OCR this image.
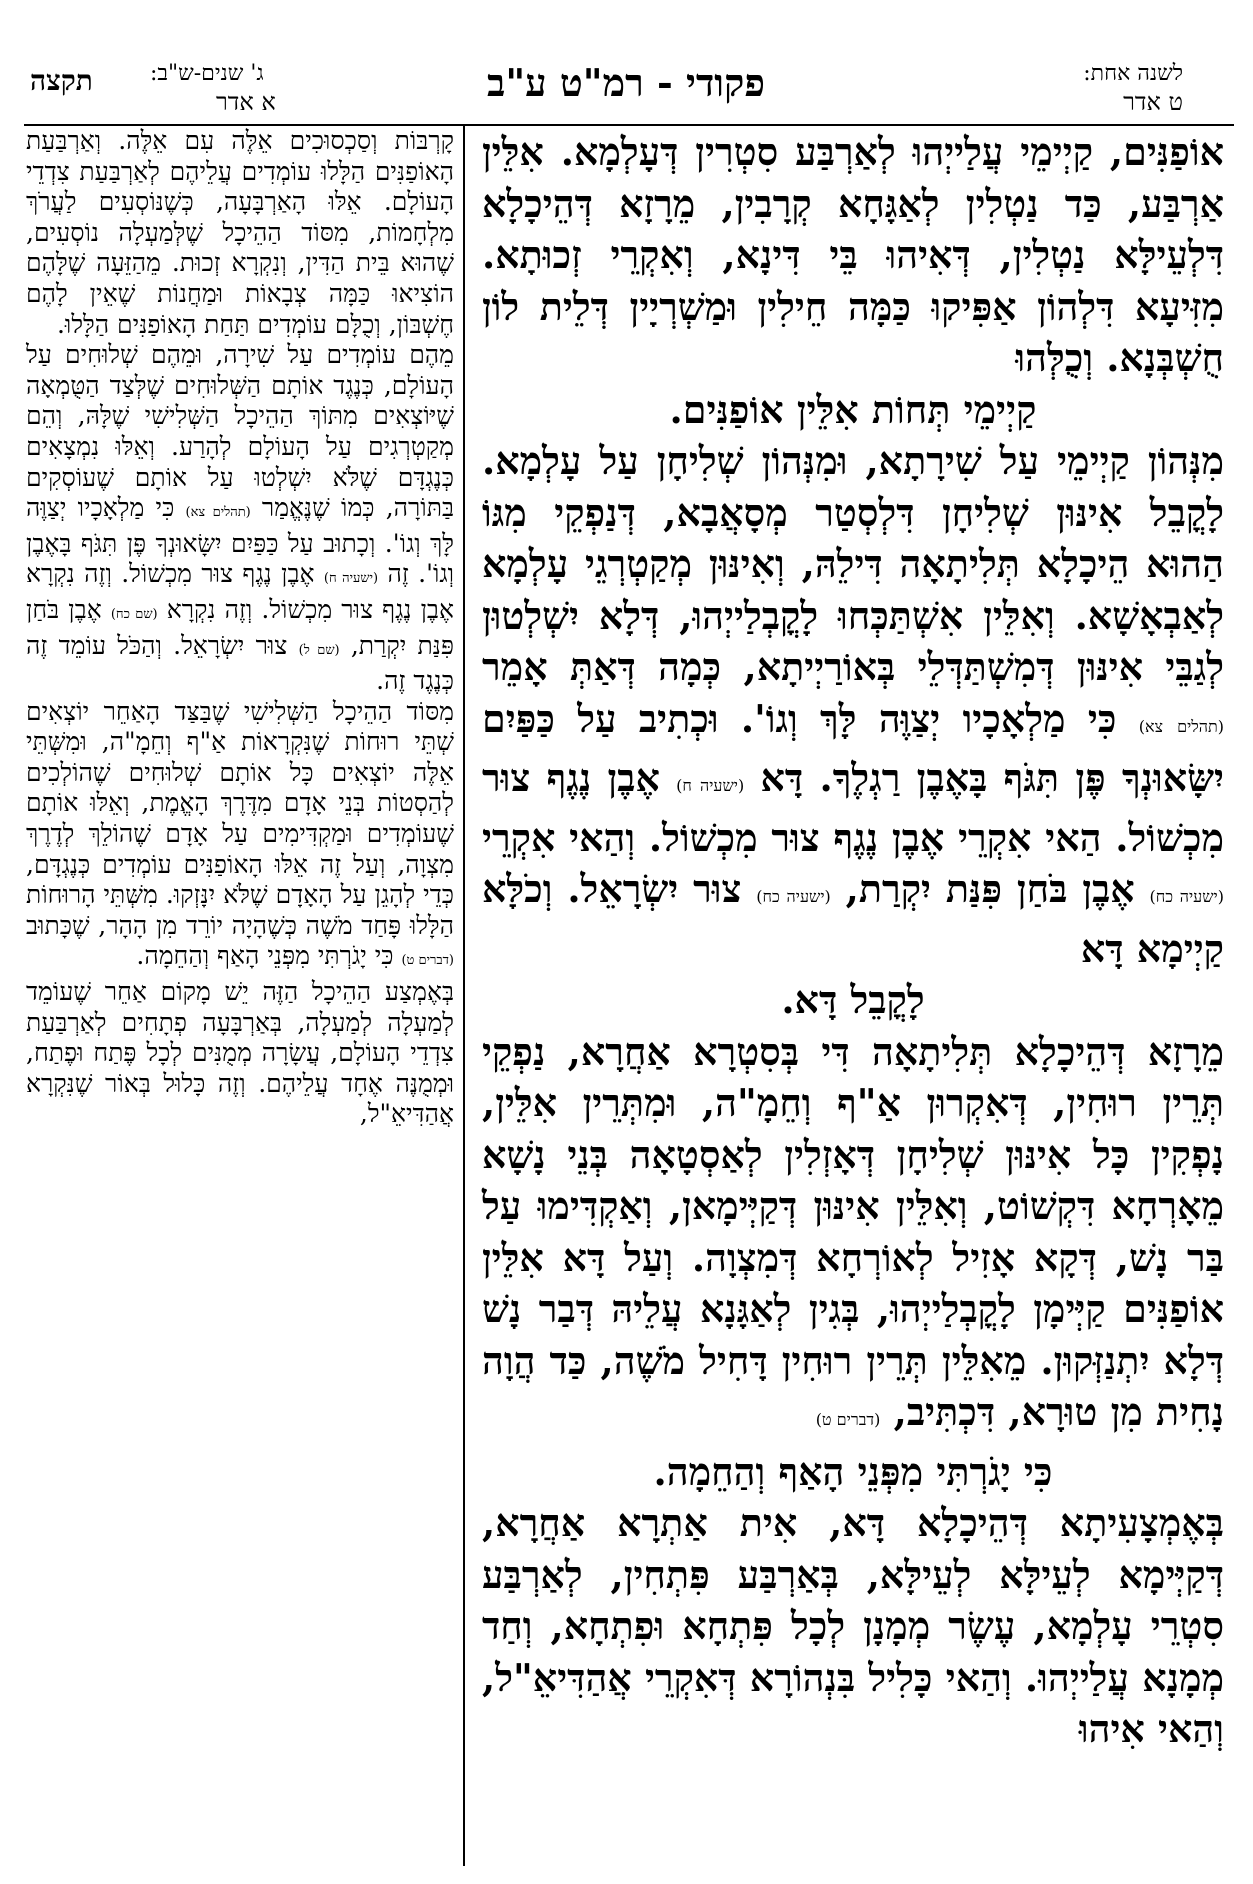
לשנה אחת:
ט אדר
פקודי - רמ"ט ע"ב
ג' שנים-ש"ב:
א אדר
תקצה

אוֹפַנִּים, קַיְימֵי עֲלַייְהוּ לְאַרְבַּע סִטְרִין דְּעָלְמָא. אִלֵּין אַרְבַּע, כַּד נַטְלִין לְאַגָּחָא קְרָבִין, מֵרָזָא דְּהֵיכָלָא דִּלְעֵילָּא נַטְלִין, דְּאִיהוּ בֵּי דִּינָא, וְאִקְרֵי זְכוּתָא. מִזִּיעָא דִּלְהוֹן אַפִּיקוּ כַּמָּה חֵילִין וּמַשְׁרְיָין דְּלֵית לוֹן חֻשְׁבְּנָא. וְכֻלְּהוּ

קַיְימֵי תְּחוֹת אִלֵּין אוֹפַנִּים.

מִנְּהוֹן קַיְימֵי עַל שִׁירָתָא, וּמִנְּהוֹן שְׁלִיחָן עַל עָלְמָא. לָקֳבֵל אִינּוּן שְׁלִיחָן דִּלְסְטַר מְסָאֲבָא, דְּנַפְקֵי מִגּוֹ הַהוּא הֵיכָלָא תְּלִיתָאָה דִּילֵהּ, וְאִינּוּן מְקַטְרְגֵי עָלְמָא לְאַבְאָשָׁא. וְאִלֵּין אִשְׁתַּכְּחוּ לָקֳבְלַייְהוּ, דְּלָא יִשְׁלְטוּן לְגַבֵּי אִינּוּן דְּמִשְׁתַּדְּלֵי בְּאוֹרַיְיתָא, כְּמָה דְּאַתְּ אָמֵר (תהלים צא) כִּי מַלְאָכָיו יְצַוֶּה לָּךְ וְגוֹ'. וּכְתִיב עַל כַּפַּיִם יִשָּׂאוּנְךָ פֶּן תִּגֹּף בָּאֶבֶן רַגְלֶךָ. דָּא (ישעיה ח) אֶבֶן נֶגֶף צוּר מִכְשׁוֹל. הַאי אִקְרֵי אֶבֶן נֶגֶף צוּר מִכְשׁוֹל. וְהַאי אִקְרֵי (ישעיה כח) אֶבֶן בֹּחַן פִּנַּת יִקְרַת, (ישעיה כח) צוּר יִשְׂרָאֵל. וְכֹלָּא קַיְימָא דָּא

לָקֳבֵל דָּא.

מֵרָזָא דְּהֵיכָלָא תְּלִיתָאָה דִּי בְּסִטְרָא אַחֲרָא, נַפְקֵי תְּרֵין רוּחִין, דְּאִקְרוּן אַ"ף וְחֵמָ"ה, וּמִתְּרֵין אִלֵּין, נָפְקִין כָּל אִינּוּן שְׁלִיחָן דְּאָזְלִין לְאַסְטָאָה בְּנֵי נָשָׁא מֵאָרְחָא דִּקְשׁוֹט, וְאִלֵּין אִינּוּן דְּקַיְּימָאן, וְאַקְדִּימוּ עַל בַּר נָשׁ, דְּקָא אָזִיל לְאוֹרְחָא דְּמִצְוָה. וְעַל דָּא אִלֵּין אוֹפַנִּים קַיְּימָן לָקֳבְלַייְהוּ, בְּגִין לְאַגָּנָא עֲלֵיהּ דְּבַר נָשׁ דְּלָא יִתְנַזְּקוּן. מֵאִלֵּין תְּרֵין רוּחִין דָּחִיל מֹשֶׁה, כַּד הֲוָה נָחִית מִן טוּרָא, דִּכְתִּיב, (דברים ט)

כִּי יָגֹרְתִּי מִפְּנֵי הָאַף וְהַחֵמָה.

בְּאֶמְצָעִיתָא דְּהֵיכָלָא דָּא, אִית אַתְרָא אַחֲרָא, דְּקַיְּימָא לְעֵילָּא לְעֵילָּא, בְּאַרְבַּע פִּתְחִין, לְאַרְבַּע סִטְרֵי עָלְמָא, עֶשֶׂר מְמָנָן לְכָל פִּתְחָא וּפִתְחָא, וְחַד מְמָנָא עֲלַייְהוּ. וְהַאי כָּלִיל בִּנְהוֹרָא דְּאִקְרֵי אֲהַדִּיאֵ"ל, וְהַאי אִיהוּ

קָרְבּוֹת וְסַכְסוּכִים אֵלֶּה עִם אֵלֶּה. וְאַרְבַּעַת הָאוֹפַנִּים הַלָּלוּ עוֹמְדִים עֲלֵיהֶם לְאַרְבַּעַת צִדְדֵי הָעוֹלָם. אֵלּוּ הָאַרְבָּעָה, כְּשֶׁנּוֹסְעִים לַעֲרֹךְ מִלְחָמוֹת, מִסּוֹד הַהֵיכָל שֶׁלְּמַעְלָה נוֹסְעִים, שֶׁהוּא בֵּית הַדִּין, וְנִקְרָא זְכוּת. מֵהַזֵּעָה שֶׁלָּהֶם הוֹצִיאוּ כַּמָּה צְבָאוֹת וּמַחֲנוֹת שֶׁאֵין לָהֶם חֶשְׁבּוֹן, וְכֻלָּם עוֹמְדִים תַּחַת הָאוֹפַנִּים הַלָּלוּ.

מֵהֶם עוֹמְדִים עַל שִׁירָה, וּמֵהֶם שְׁלוּחִים עַל הָעוֹלָם, כְּנֶגֶד אוֹתָם הַשְּׁלוּחִים שֶׁלְּצַד הַטֻּמְאָה שֶׁיּוֹצְאִים מִתּוֹךְ הַהֵיכָל הַשְּׁלִישִׁי שֶׁלָּהּ, וְהֵם מְקַטְרְגִים עַל הָעוֹלָם לְהָרַע. וְאֵלּוּ נִמְצָאִים כְּנֶגְדָּם שֶׁלֹּא יִשְׁלְטוּ עַל אוֹתָם שֶׁעוֹסְקִים בַּתּוֹרָה, כְּמוֹ שֶׁנֶּאֱמַר (תהלים צא) כִּי מַלְאָכָיו יְצַוֶּה לָּךְ וְגוֹ'. וְכָתוּב עַל כַּפַּיִם יִשָּׂאוּנְךָ פֶּן תִּגֹּף בָּאֶבֶן וְגוֹ'. זֶה (ישעיה ח) אֶבֶן נֶגֶף צוּר מִכְשׁוֹל. וְזֶה נִקְרָא אֶבֶן נֶגֶף צוּר מִכְשׁוֹל. וְזֶה נִקְרָא (שם כח) אֶבֶן בֹּחַן פִּנַּת יִקְרַת, (שם ל) צוּר יִשְׂרָאֵל. וְהַכֹּל עוֹמֵד זֶה כְּנֶגֶד זֶה.

מִסּוֹד הַהֵיכָל הַשְּׁלִישִׁי שֶׁבַּצַּד הָאַחֵר יוֹצְאִים שְׁתֵּי רוּחוֹת שֶׁנִּקְרָאוֹת אַ"ף וְחֵמָ"ה, וּמִשְּׁתֵּי אֵלֶּה יוֹצְאִים כָּל אוֹתָם שְׁלוּחִים שֶׁהוֹלְכִים לְהַסְטוֹת בְּנֵי אָדָם מִדֶּרֶךְ הָאֱמֶת, וְאֵלּוּ אוֹתָם שֶׁעוֹמְדִים וּמַקְדִּימִים עַל אָדָם שֶׁהוֹלֵךְ לְדֶרֶךְ מִצְוָה, וְעַל זֶה אֵלּוּ הָאוֹפַנִּים עוֹמְדִים כְּנֶגְדָּם, כְּדֵי לְהָגֵן עַל הָאָדָם שֶׁלֹּא יִנָּזְקוּ. מִשְּׁתֵּי הָרוּחוֹת הַלָּלוּ פָּחַד מֹשֶׁה כְּשֶׁהָיָה יוֹרֵד מִן הָהָר, שֶׁכָּתוּב (דברים ט) כִּי יָגֹרְתִּי מִפְּנֵי הָאַף וְהַחֵמָה.

בְּאֶמְצַע הַהֵיכָל הַזֶּה יֵשׁ מָקוֹם אַחֵר שֶׁעוֹמֵד לְמַעְלָה לְמַעְלָה, בְּאַרְבָּעָה פְתָחִים לְאַרְבַּעַת צִדְדֵי הָעוֹלָם, עֲשָׂרָה מְמֻנִּים לְכָל פֶּתַח וּפֶתַח, וּמְמֻנֶּה אֶחָד עֲלֵיהֶם. וְזֶה כָּלוּל בְּאוֹר שֶׁנִּקְרָא אֲהַדִּיאֵ"ל,
